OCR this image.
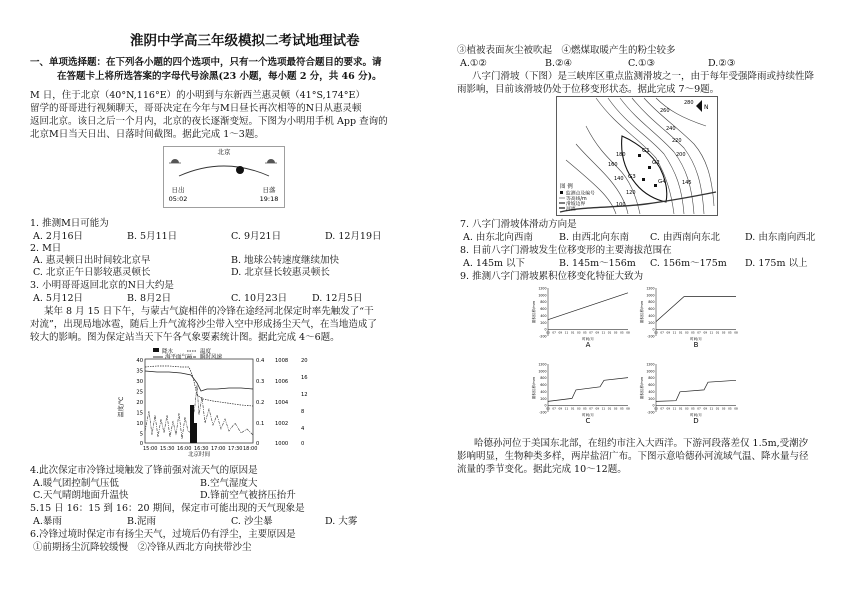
淮阴中学高三年级模拟二考试地理试卷
一、单项选择题：在下列各小题的四个选项中，只有一个选项最符合题目的要求。请
在答题卡上将所选答案的字母代号涂黑(23 小题，每小题 2 分，共 46 分)。
M 日，住于北京（40°N,116°E）的小明到与东新西兰惠灵顿（41°S,174°E）
留学的哥哥进行视频聊天，哥哥决定在今年与M日昼长再次相等的N日从惠灵顿
返回北京。该日之后一个月内，北京的夜长逐渐变短。下图为小明用手机 App 查询的
北京M日当天日出、日落时间截图。据此完成 1～3题。
北京
日出
05:02
日落
19:18
1. 推测M日可能为
A. 2月16日	B. 5月11日	C. 9月21日	D. 12月19日
2. M日
A. 惠灵顿日出时间较北京早	B. 地球公转速度继续加快
C. 北京正午日影较惠灵顿长	D. 北京昼长较惠灵顿长
3. 小明哥哥返回北京的N日大约是
A. 5月12日	B. 8月2日	C. 10月23日	D. 12月5日
某年 8 月 15 日下午，与蒙古气旋相伴的冷锋在途经河北保定时率先触发了“干
对流”，出现局地冰雹，随后上升气流将沙尘带入空中形成扬尘天气，在当地造成了
较大的影响。图为保定站当天下午各气象要素统计图。据此完成 4～6题。
降水	温度
海平面气压 瞬时风速
温度/℃
40
35
30
25
20
15
10
5
0
0.4
0.3
0.2
0.1
0
1008
1006
1004
1002
1000
20
16
12
8
4
0
15:00 15:30 16:00 16:30 17:00 17:30 18:00
北京时间
4.此次保定市冷锋过境触发了锋前强对流天气的原因是
A.暖气团控制气压低	B.空气湿度大
C.天气晴朗地面升温快	D.锋前空气被挤压抬升
5.15 日 16：15 到 16：20 期间，保定市可能出现的天气现象是
A.暴雨	B.泥雨	C. 沙尘暴	D. 大雾
6.冷锋过境时保定市有扬尘天气，过境后仍有浮尘，主要原因是
①前期扬尘沉降较缓慢　②冷锋从西北方向挟带沙尘
③植被表面灰尘被吹起　④燃煤取暖产生的粉尘较多
A.①②	B.②④	C.①③	D.②③
八字门滑坡（下图）是三峡库区重点监测滑坡之一，由于每年受强降雨或持续性降
雨影响，目前该滑坡仍处于位移变形状态。据此完成 7～9题。
G1
G2
G3
G4
280
260
240
220
200
180
160
140
145
120
100
N
图 例
监测点及编号
等高线/m
滑坡边界
河流
7. 八字门滑坡体滑动方向是
A. 由东北向西南	B. 由西北向东南 C. 由西南向东北	D. 由东南向西北
8. 目前八字门滑坡发生位移变形的主要海拔范围在
A. 145m 以下	B. 145m～156m C. 156m～175m D. 175m 以上
9. 推测八字门滑坡累积位移变化特征大致为
1200
1000
800
600
400
200
0
-200
累积位移/mm
03 07 09 11 01 03 05 07 09 11 01 03 05 08
时间/月
A
1200
1000
800
600
400
200
0
-200
累积位移/mm
03 07 09 11 01 03 05 07 09 11 01 03 05 08
时间/月
B
1200
1000
800
600
400
200
0
-200
累积位移/mm
03 07 09 11 01 03 05 07 09 11 01 03 05 08
时间/月
C
1200
1000
800
600
400
200
0
-200
累积位移/mm
03 07 09 11 01 03 05 07 09 11 01 03 05 08
时间/月
D
哈德孙河位于美国东北部，在纽约市注入大西洋。下游河段落差仅 1.5m,受潮汐
影响明显，生物种类多样，两岸盐沼广布。下图示意哈德孙河流域气温、降水量与径
流量的季节变化。据此完成 10～12题。
